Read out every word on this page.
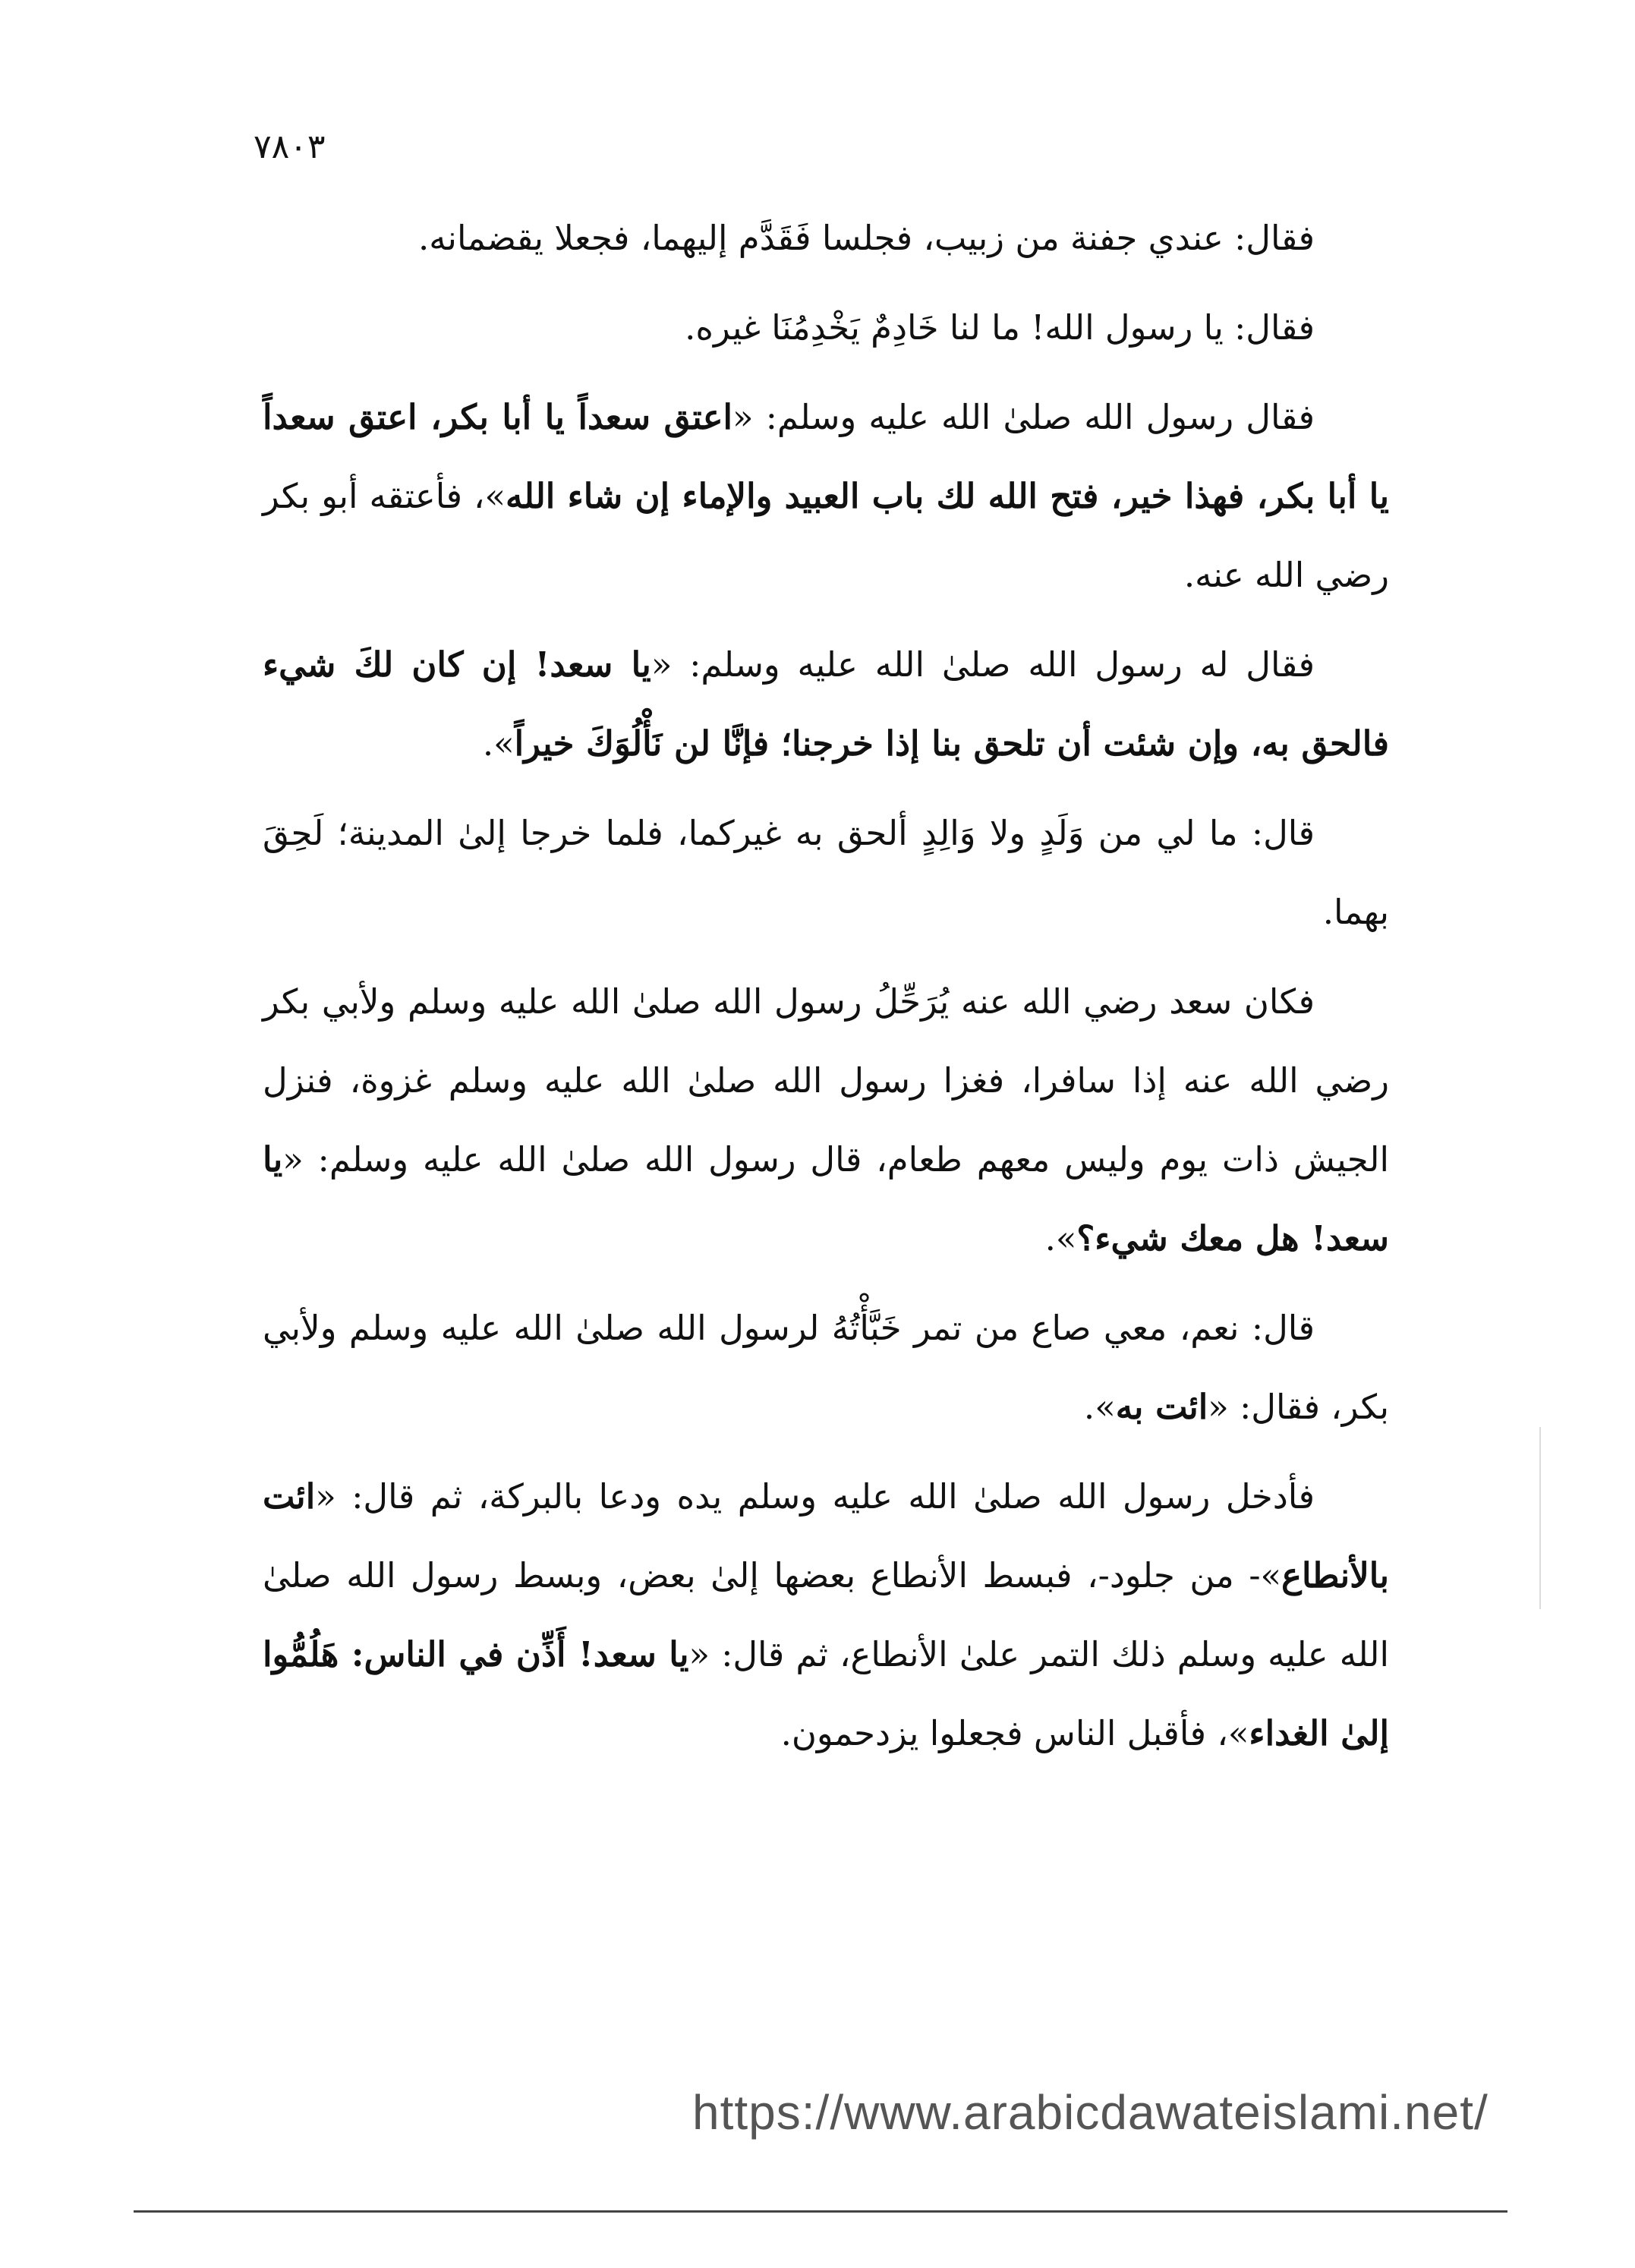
٣٠٨٧

فقال: عندي جفنة من زبيب، فجلسا فَقَدَّم إليهما، فجعلا يقضمانه.

فقال: يا رسول الله! ما لنا خَادِمٌ يَخْدِمُنَا غيره.

فقال رسول الله صلىٰ الله عليه وسلم: «اعتق سعداً يا أبا بكر، اعتق سعداً يا أبا بكر، فهذا خير، فتح الله لك باب العبيد والإماء إن شاء الله»، فأعتقه أبو بكر رضي الله عنه.

فقال له رسول الله صلىٰ الله عليه وسلم: «يا سعد! إن كان لكَ شيء فالحق به، وإن شئت أن تلحق بنا إذا خرجنا؛ فإنَّا لن نَأْلُوَكَ خيراً».

قال: ما لي من وَلَدٍ ولا وَالِدٍ ألحق به غيركما، فلما خرجا إلىٰ المدينة؛ لَحِقَ بهما.

فكان سعد رضي الله عنه يُرَحِّلُ رسول الله صلىٰ الله عليه وسلم ولأبي بكر رضي الله عنه إذا سافرا، فغزا رسول الله صلىٰ الله عليه وسلم غزوة، فنزل الجيش ذات يوم وليس معهم طعام، قال رسول الله صلىٰ الله عليه وسلم: «يا سعد! هل معك شيء؟».

قال: نعم، معي صاع من تمر خَبَّأْتُهُ لرسول الله صلىٰ الله عليه وسلم ولأبي بكر، فقال: «ائت به».

فأدخل رسول الله صلىٰ الله عليه وسلم يده ودعا بالبركة، ثم قال: «ائت بالأنطاع»- من جلود-، فبسط الأنطاع بعضها إلىٰ بعض، وبسط رسول الله صلىٰ الله عليه وسلم ذلك التمر علىٰ الأنطاع، ثم قال: «يا سعد! أَذِّن في الناس: هَلُمُّوا إلىٰ الغداء»، فأقبل الناس فجعلوا يزدحمون.

https://www.arabicdawateislami.net/
